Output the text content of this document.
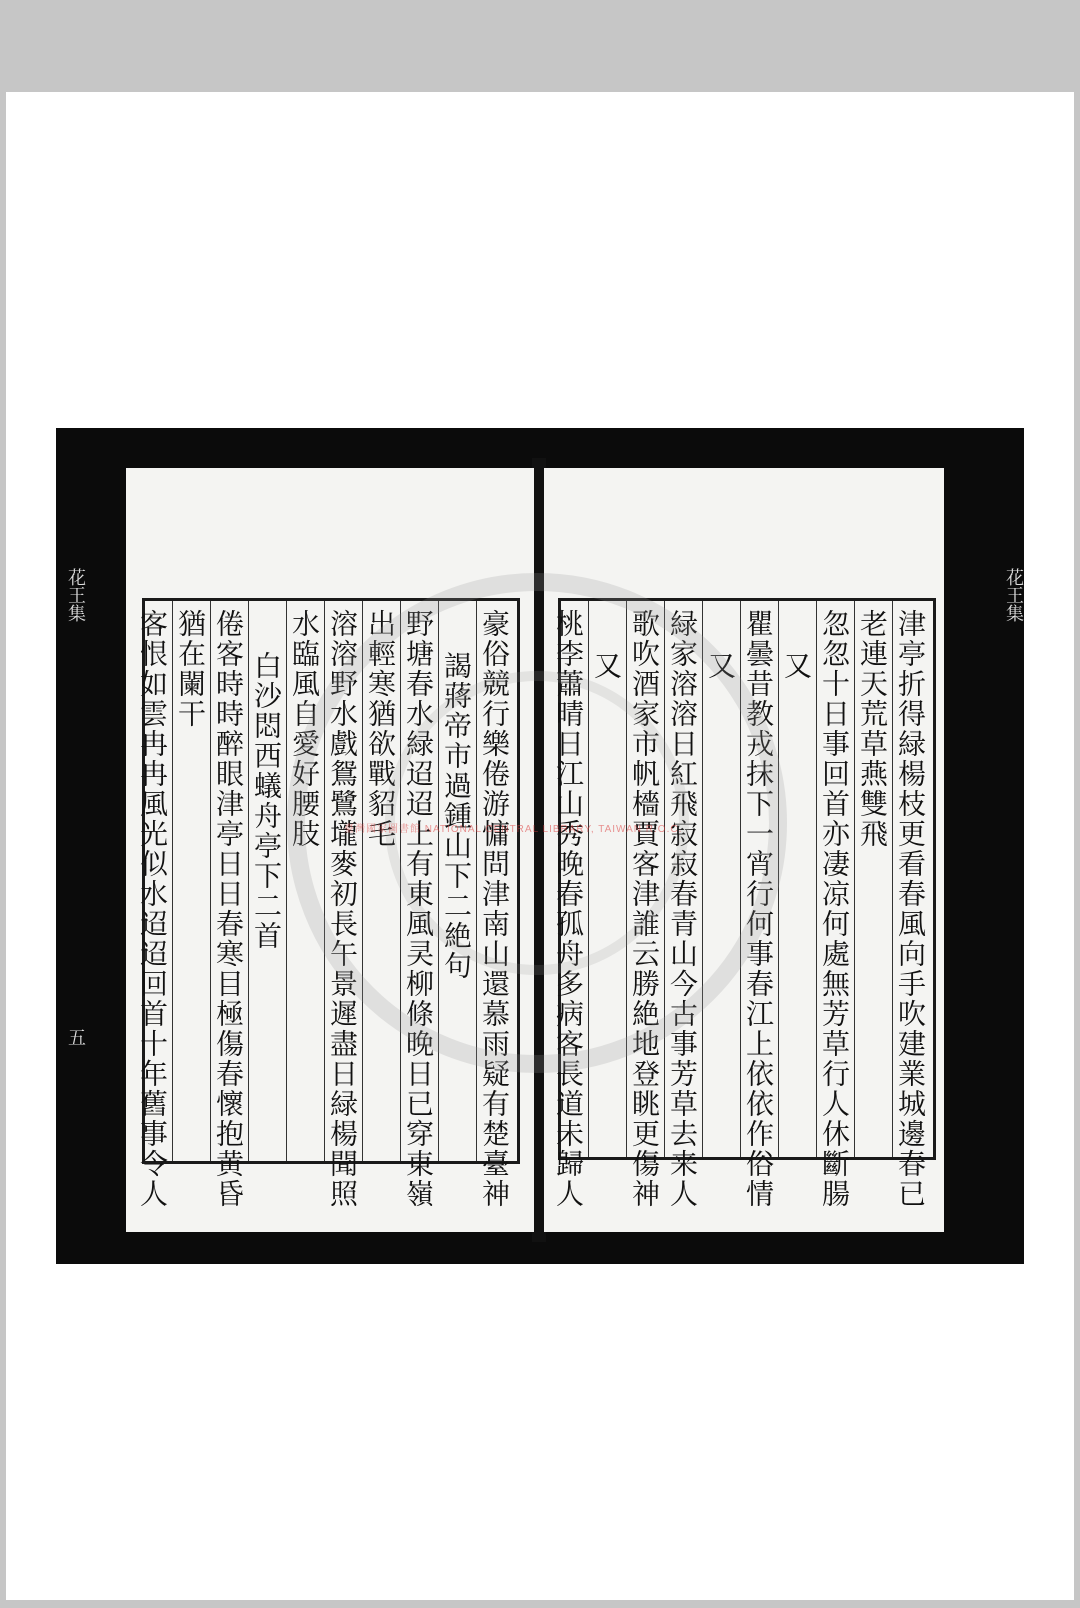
豪俗競行樂倦游慵問津南山還慕雨疑有楚臺神
謁蔣帝市過鍾山下二絶句
野塘春水緑迢迢上有東風㚑柳條晚日已穿東嶺
出輕寒猶欲戰貂毛
溶溶野水戲鴛鷺壠麥初長午景遲盡日緑楊聞照
水臨風自愛好腰肢
白沙悶西蟻舟亭下二首
倦客時時醉眼津亭日日春寒目極傷春懷抱黄昏
猶在闌干
客恨如雲冉冉風光似水迢迢回首十年舊事令人	津亭折得緑楊枝更看春風向手吹建業城邊春已
老連天荒草燕雙飛
忽忽十日事回首亦凄凉何處無芳草行人休斷腸
又
瞿曇昔教戎抹下一宵行何事春江上依依作俗情
又
緑家溶溶日紅飛寂寂春青山今古事芳草去来人
歌吹酒家市帆檣賈客津誰云勝絶地登眺更傷神
又
桃李蕭晴日江山秀晚春孤舟多病客長道未歸人
花王集
五
花王集
臺灣國家圖書館 NATIONAL CENTRAL LIBRARY, TAIWAN R.O.C.
